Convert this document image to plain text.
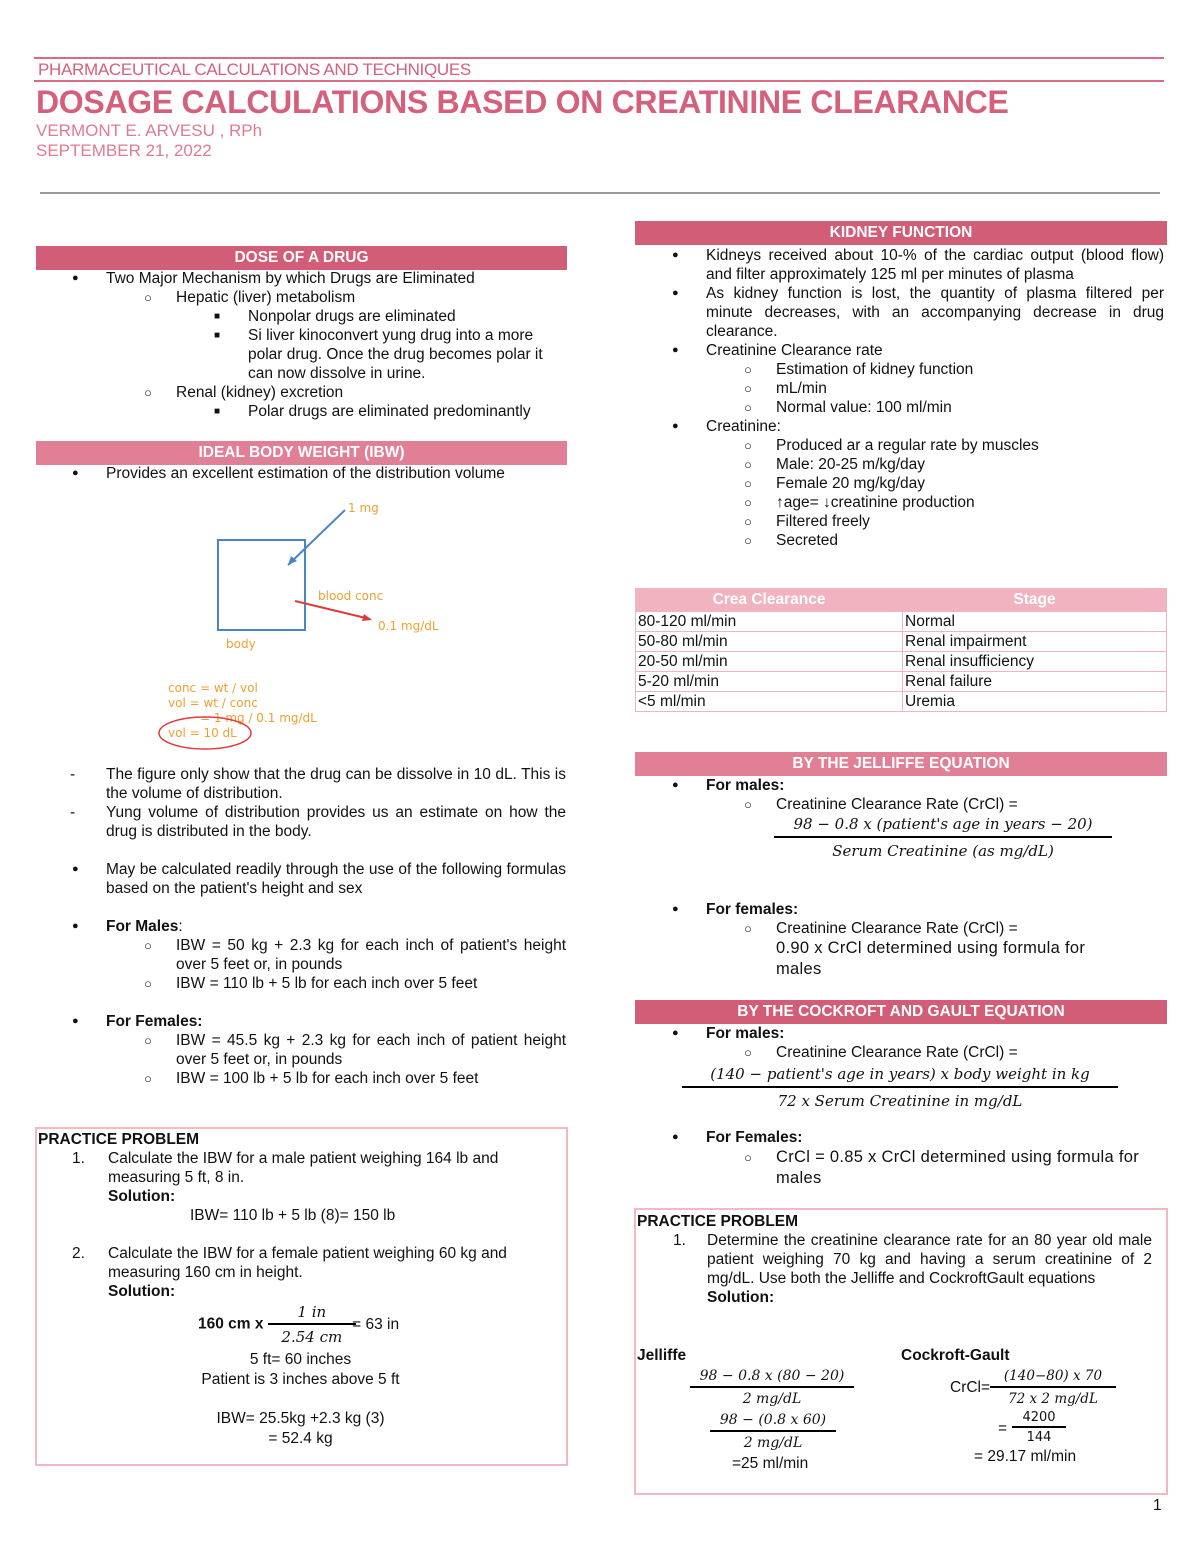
PHARMACEUTICAL CALCULATIONS AND TECHNIQUES
DOSAGE CALCULATIONS BASED ON CREATININE CLEARANCE
VERMONT E. ARVESU , RPh
SEPTEMBER 21, 2022
DOSE OF A DRUG
● Two Major Mechanism by which Drugs are Eliminated
○ Hepatic (liver) metabolism
■ Nonpolar drugs are eliminated
■ Si liver kinoconvert yung drug into a more polar drug. Once the drug becomes polar it can now dissolve in urine.
○ Renal (kidney) excretion
■ Polar drugs are eliminated predominantly
IDEAL BODY WEIGHT (IBW)
● Provides an excellent estimation of the distribution volume
1 mg
blood conc
0.1 mg/dL
body
conc = wt / vol
vol = wt / conc
= 1 mg / 0.1 mg/dL
vol = 10 dL
- The figure only show that the drug can be dissolve in 10 dL. This is the volume of distribution.
- Yung volume of distribution provides us an estimate on how the drug is distributed in the body.
● May be calculated readily through the use of the following formulas based on the patient's height and sex
● For Males:
○ IBW = 50 kg + 2.3 kg for each inch of patient's height over 5 feet or, in pounds
○ IBW = 110 lb + 5 lb for each inch over 5 feet
● For Females:
○ IBW = 45.5 kg + 2.3 kg for each inch of patient height over 5 feet or, in pounds
○ IBW = 100 lb + 5 lb for each inch over 5 feet
PRACTICE PROBLEM
1. Calculate the IBW for a male patient weighing 164 lb and measuring 5 ft, 8 in.
Solution:
IBW= 110 lb + 5 lb (8)= 150 lb
2. Calculate the IBW for a female patient weighing 60 kg and measuring 160 cm in height.
Solution:
160 cm x $\frac{1 in}{2.54 cm}$
= 63 in
5 ft= 60 inches
Patient is 3 inches above 5 ft
IBW= 25.5kg +2.3 kg (3)
= 52.4 kg
KIDNEY FUNCTION
● Kidneys received about 10-% of the cardiac output (blood flow) and filter approximately 125 ml per minutes of plasma
● As kidney function is lost, the quantity of plasma filtered per minute decreases, with an accompanying decrease in drug clearance.
● Creatinine Clearance rate
○ Estimation of kidney function
○ mL/min
○ Normal value: 100 ml/min
● Creatinine:
○ Produced ar a regular rate by muscles
○ Male: 20-25 m/kg/day
○ Female 20 mg/kg/day
○ ↑age= ↓creatinine production
○ Filtered freely
○ Secreted
Crea Clearance	Stage
80-120 ml/min	Normal
50-80 ml/min	Renal impairment
20-50 ml/min	Renal insufficiency
5-20 ml/min	Renal failure
<5 ml/min	Uremia
BY THE JELLIFFE EQUATION
● For males:
○ Creatinine Clearance Rate (CrCl) =
98 − 0.8 x (patient's age in years − 20)
Serum Creatinine (as mg/dL)
● For females:
○ Creatinine Clearance Rate (CrCl) =
0.90 x CrCl determined using formula for males
BY THE COCKROFT AND GAULT EQUATION
● For males:
○ Creatinine Clearance Rate (CrCl) =
(140 − patient's age in years) x body weight in kg
72 x Serum Creatinine in mg/dL
● For Females:
○ CrCl = 0.85 x CrCl determined using formula for males
PRACTICE PROBLEM
1. Determine the creatinine clearance rate for an 80 year old male patient weighing 70 kg and having a serum creatinine of 2 mg/dL. Use both the Jelliffe and CockroftGault equations
Solution:
Jelliffe
98 − 0.8 x (80 − 20)
2 mg/dL
98 − (0.8 x 60)
2 mg/dL
=25 ml/min
Cockroft-Gault
CrCl=
(140−80) x 70
72 x 2 mg/dL
=
4200
144
= 29.17 ml/min
1
